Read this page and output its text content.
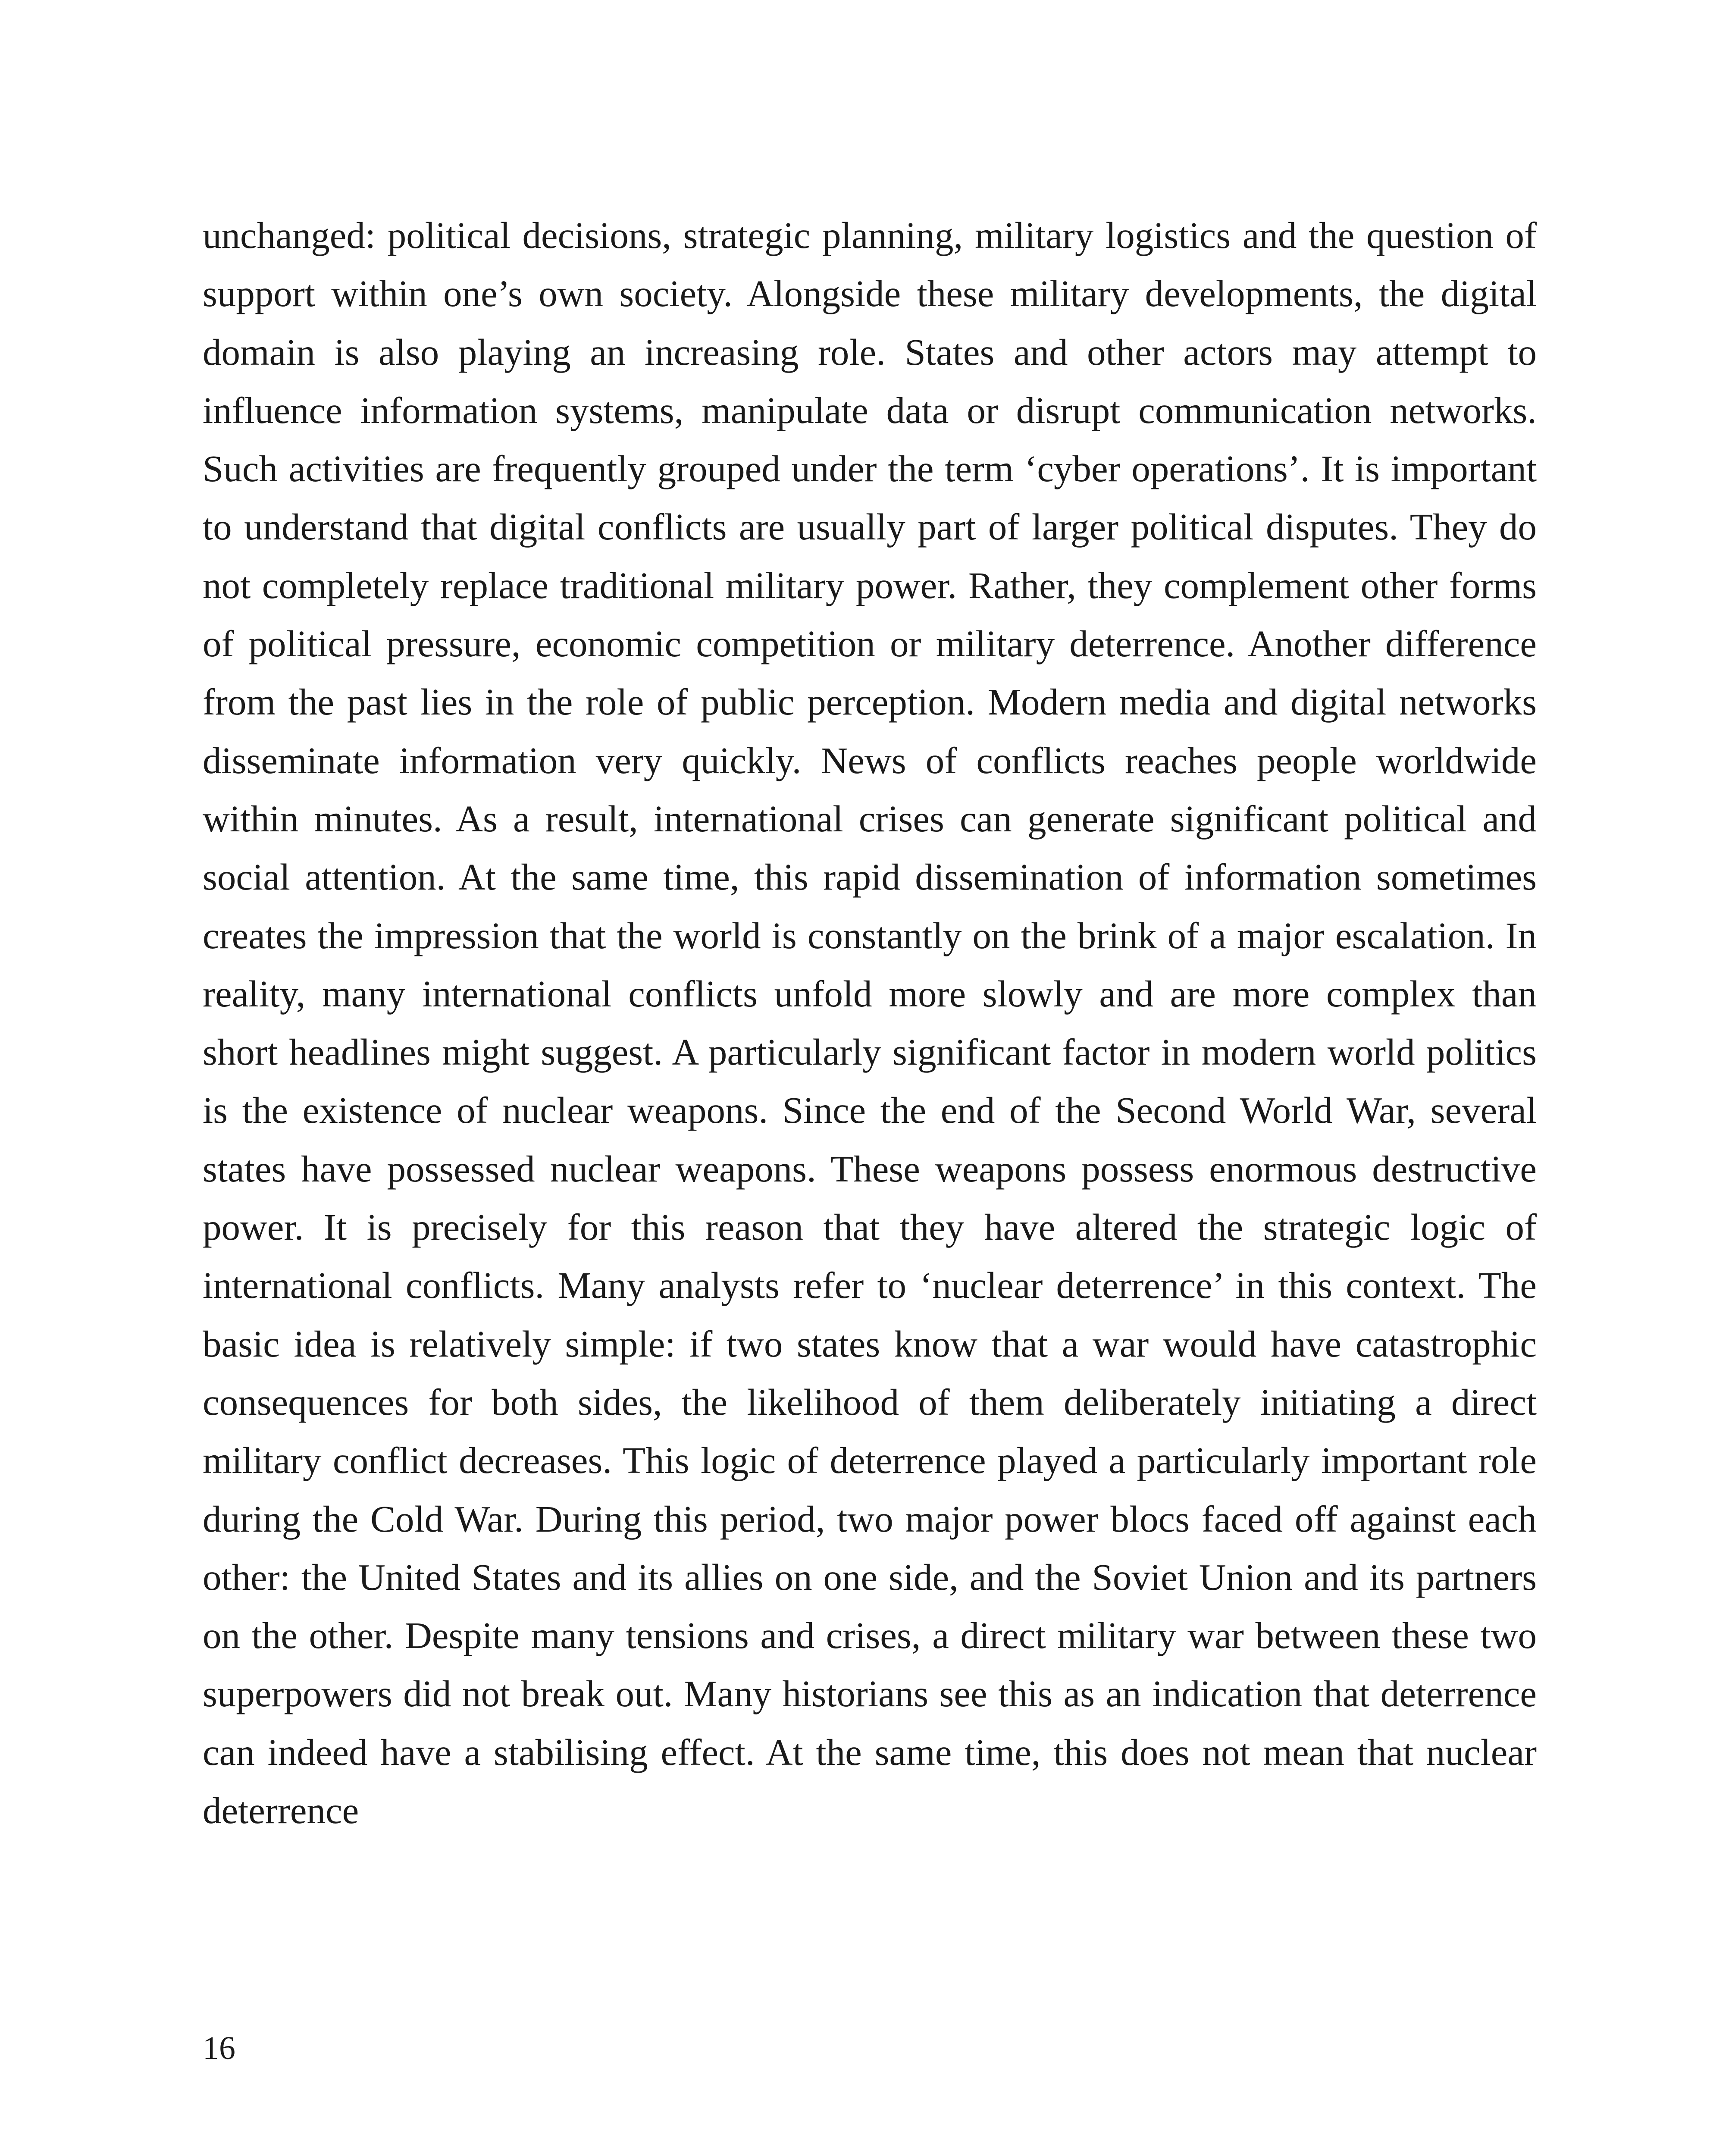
unchanged: political decisions, strategic planning, military logistics and the question of support within one’s own society. Alongside these military developments, the digital domain is also playing an increasing role. States and other actors may attempt to influence information systems, manipulate data or disrupt communication networks. Such activities are frequently grouped under the term ‘cyber operations’. It is important to understand that digital conflicts are usually part of larger political disputes. They do not completely replace traditional military power. Rather, they complement other forms of political pressure, economic competition or military deterrence. Another difference from the past lies in the role of public perception. Modern media and digital networks disseminate information very quickly. News of conflicts reaches people worldwide within minutes. As a result, international crises can generate significant political and social attention. At the same time, this rapid dissemination of information sometimes creates the impression that the world is constantly on the brink of a major escalation. In reality, many international conflicts unfold more slowly and are more complex than short headlines might suggest. A particularly significant factor in modern world politics is the existence of nuclear weapons. Since the end of the Second World War, several states have possessed nuclear weapons. These weapons possess enormous destructive power. It is precisely for this reason that they have altered the strategic logic of international conflicts. Many analysts refer to ‘nuclear deterrence’ in this context. The basic idea is relatively simple: if two states know that a war would have catastrophic consequences for both sides, the likelihood of them deliberately initiating a direct military conflict decreases. This logic of deterrence played a particularly important role during the Cold War. During this period, two major power blocs faced off against each other: the United States and its allies on one side, and the Soviet Union and its partners on the other. Despite many tensions and crises, a direct military war between these two superpowers did not break out. Many historians see this as an indication that deterrence can indeed have a stabilising effect. At the same time, this does not mean that nuclear deterrence

16
